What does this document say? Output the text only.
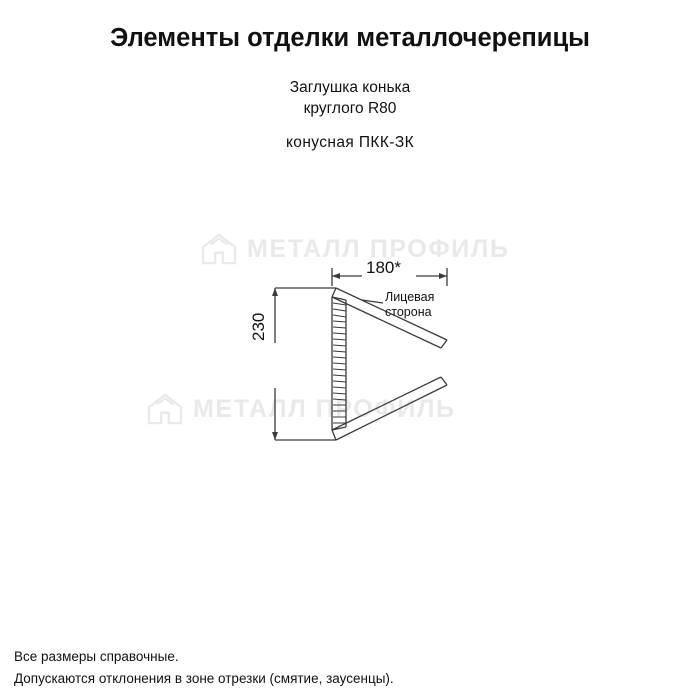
МЕТАЛЛ ПРОФИЛЬ
МЕТАЛЛ ПРОФИЛЬ
Элементы отделки металлочерепицы
Заглушка конька
круглого R80
конусная ПКК-ЗК
180*
230
Лицевая
сторона
Все размеры справочные.
Допускаются отклонения в зоне отрезки (смятие, заусенцы).
